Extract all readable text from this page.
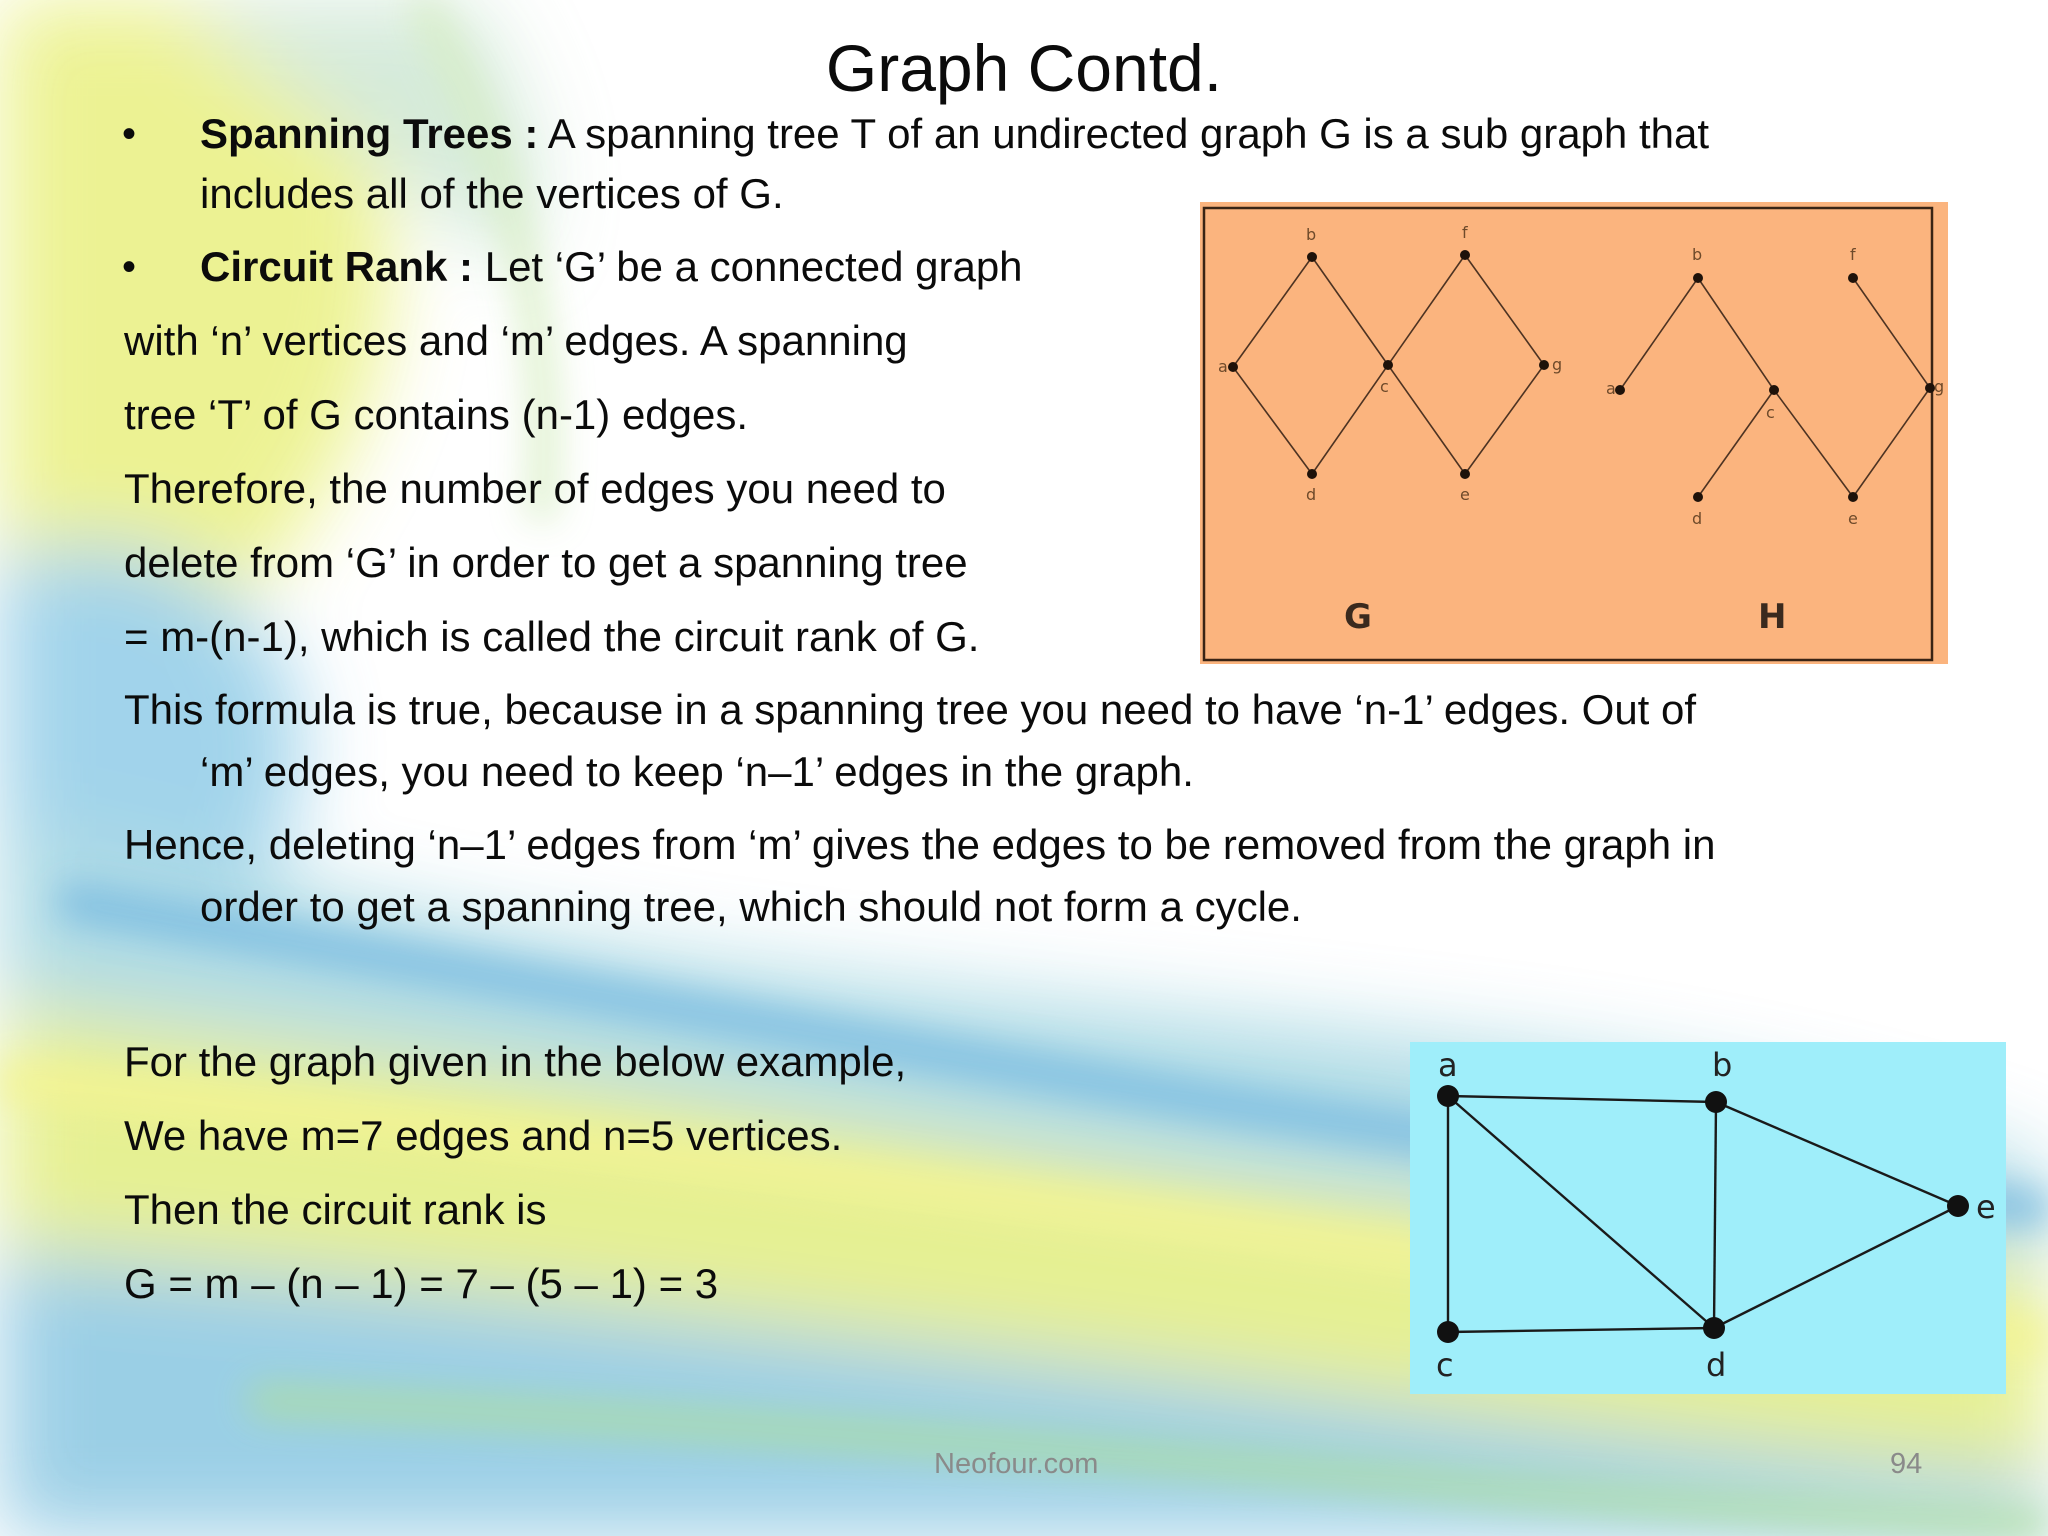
Graph Contd.
• Spanning Trees : A spanning tree T of an undirected graph G is a sub graph that
includes all of the vertices of G.
• Circuit Rank : Let ‘G’ be a connected graph
with ‘n’ vertices and ‘m’ edges. A spanning
tree ‘T’ of G contains (n-1) edges.
Therefore, the number of edges you need to
delete from ‘G’ in order to get a spanning tree
= m-(n-1), which is called the circuit rank of G.
This formula is true, because in a spanning tree you need to have ‘n-1’ edges. Out of
‘m’ edges, you need to keep ‘n–1’ edges in the graph.
Hence, deleting ‘n–1’ edges from ‘m’ gives the edges to be removed from the graph in
order to get a spanning tree, which should not form a cycle.
For the graph given in the below example,
We have m=7 edges and n=5 vertices.
Then the circuit rank is
G = m – (n – 1) = 7 – (5 – 1) = 3
a
b
c
d	e
f
g
a
b
c
d	e
f
g
G	H
a	b
c	d
e
Neofour.com	94
